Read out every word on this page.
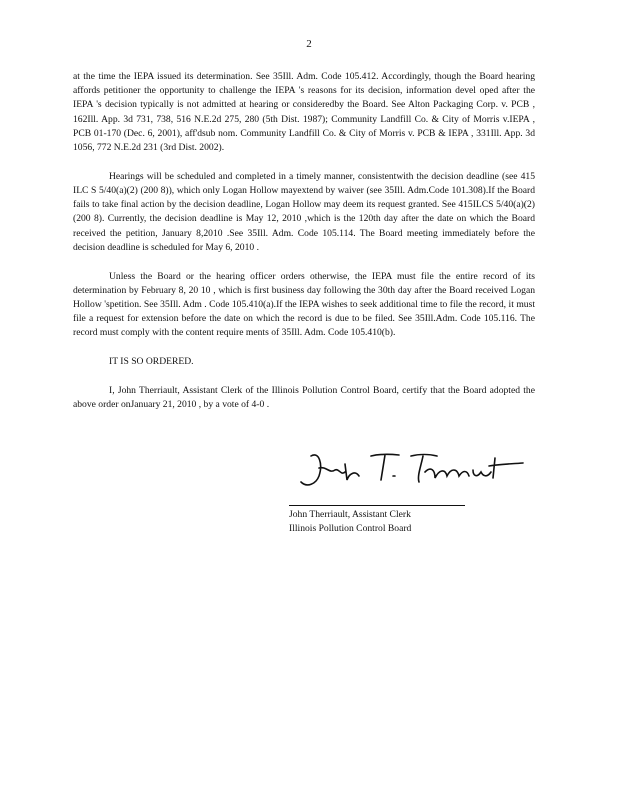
2

at the time the IEPA issued its determination. See 35Ill. Adm. Code 105.412. Accordingly, though the Board hearing affords petitioner the opportunity to challenge the IEPA 's reasons for its decision, information devel oped after the IEPA 's decision typically is not admitted at hearing or consideredby the Board. See Alton Packaging Corp. v. PCB , 162Ill. App. 3d 731, 738, 516 N.E.2d 275, 280 (5th Dist. 1987); Community Landfill Co. & City of Morris v.IEPA , PCB 01-170 (Dec. 6, 2001), aff'dsub nom. Community Landfill Co. & City of Morris v. PCB & IEPA , 331Ill. App. 3d 1056, 772 N.E.2d 231 (3rd Dist. 2002).

Hearings will be scheduled and completed in a timely manner, consistentwith the decision deadline (see 415 ILC S 5/40(a)(2) (200 8)), which only Logan Hollow mayextend by waiver (see 35Ill. Adm.Code 101.308).If the Board fails to take final action by the decision deadline, Logan Hollow may deem its request granted. See 415ILCS 5/40(a)(2) (200 8). Currently, the decision deadline is May 12, 2010 ,which is the 120th day after the date on which the Board received the petition, January 8,2010 .See 35Ill. Adm. Code 105.114. The Board meeting immediately before the decision deadline is scheduled for May 6, 2010 .

Unless the Board or the hearing officer orders otherwise, the IEPA must file the entire record of its determination by February 8, 20 10 , which is first business day following the 30th day after the Board received Logan Hollow 'spetition. See 35Ill. Adm . Code 105.410(a).If the IEPA wishes to seek additional time to file the record, it must file a request for extension before the date on which the record is due to be filed. See 35Ill.Adm. Code 105.116. The record must comply with the content require ments of 35Ill. Adm. Code 105.410(b).

IT IS SO ORDERED.

I, John Therriault, Assistant Clerk of the Illinois Pollution Control Board, certify that the Board adopted the above order onJanuary 21, 2010 , by a vote of 4-0 .

John Therriault, Assistant Clerk
Illinois Pollution Control Board
